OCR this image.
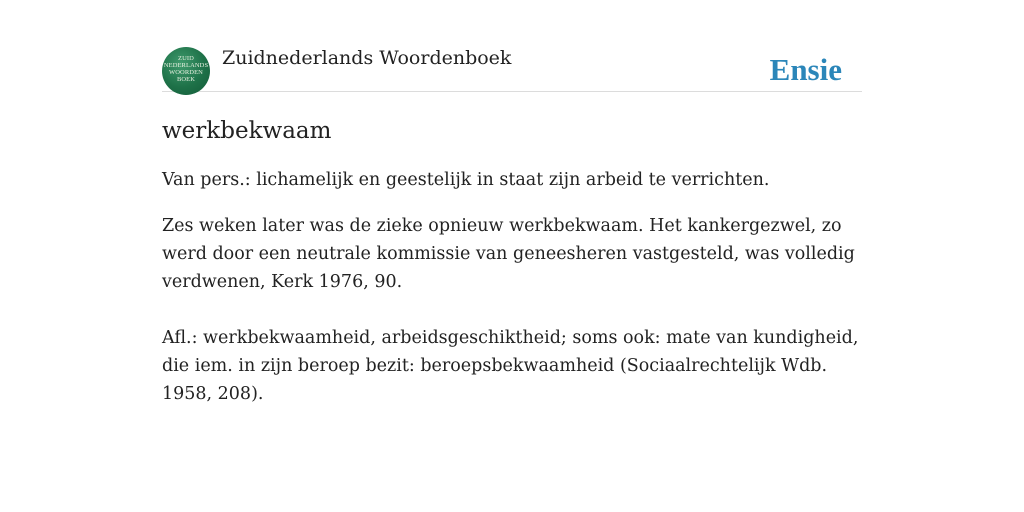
ZUID
NEDERLANDS
WOORDEN
BOEK
Zuidnederlands Woordenboek	Ensie
werkbekwaam

Van pers.: lichamelijk en geestelijk in staat zijn arbeid te verrichten.

Zes weken later was de zieke opnieuw werkbekwaam. Het kankergezwel, zo werd door een neutrale kommissie van geneesheren vastgesteld, was volledig verdwenen, Kerk 1976, 90.

Afl.: werkbekwaamheid, arbeidsgeschiktheid; soms ook: mate van kundigheid, die iem. in zijn beroep bezit: beroepsbekwaamheid (Sociaalrechtelijk Wdb. 1958, 208).
